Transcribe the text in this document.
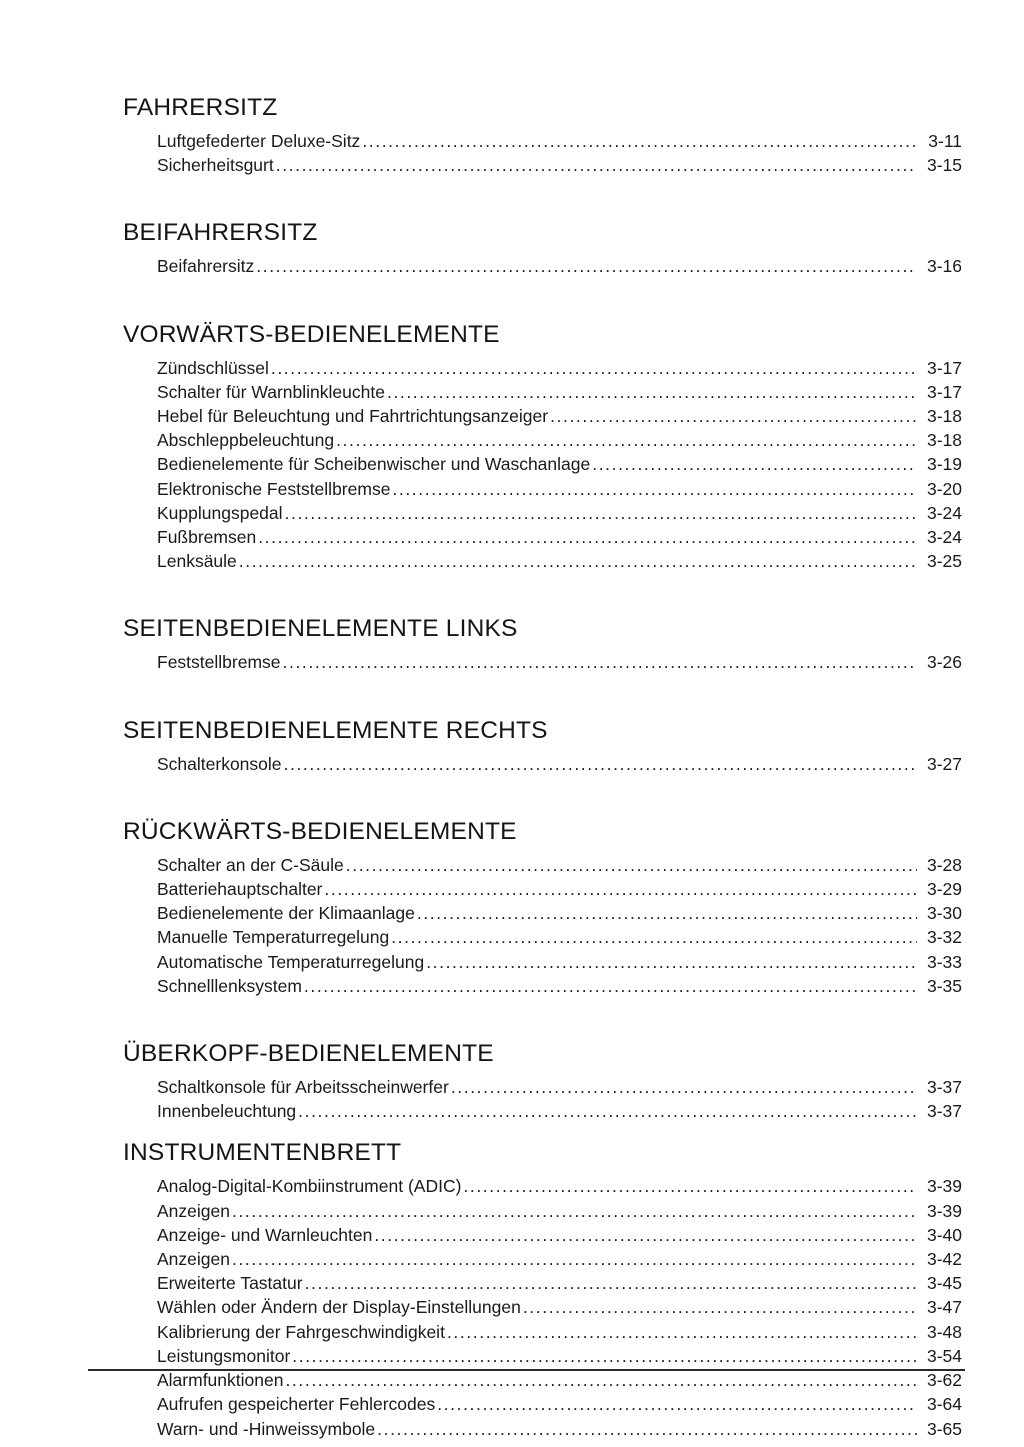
FAHRERSITZ
Luftgefederter Deluxe-Sitz .....	3-11
Sicherheitsgurt .....	3-15
BEIFAHRERSITZ
Beifahrersitz .....	3-16
VORWÄRTS-BEDIENELEMENTE
Zündschlüssel .....	3-17
Schalter für Warnblinkleuchte .....	3-17
Hebel für Beleuchtung und Fahrtrichtungsanzeiger .....	3-18
Abschleppbeleuchtung .....	3-18
Bedienelemente für Scheibenwischer und Waschanlage .....	3-19
Elektronische Feststellbremse .....	3-20
Kupplungspedal .....	3-24
Fußbremsen .....	3-24
Lenksäule .....	3-25
SEITENBEDIENELEMENTE LINKS
Feststellbremse .....	3-26
SEITENBEDIENELEMENTE RECHTS
Schalterkonsole .....	3-27
RÜCKWÄRTS-BEDIENELEMENTE
Schalter an der C-Säule .....	3-28
Batteriehauptschalter .....	3-29
Bedienelemente der Klimaanlage .....	3-30
Manuelle Temperaturregelung .....	3-32
Automatische Temperaturregelung .....	3-33
Schnelllenksystem .....	3-35
ÜBERKOPF-BEDIENELEMENTE
Schaltkonsole für Arbeitsscheinwerfer .....	3-37
Innenbeleuchtung .....	3-37
INSTRUMENTENBRETT
Analog-Digital-Kombiinstrument (ADIC) .....	3-39
Anzeigen .....	3-39
Anzeige- und Warnleuchten .....	3-40
Anzeigen .....	3-42
Erweiterte Tastatur .....	3-45
Wählen oder Ändern der Display-Einstellungen .....	3-47
Kalibrierung der Fahrgeschwindigkeit .....	3-48
Leistungsmonitor .....	3-54
Alarmfunktionen .....	3-62
Aufrufen gespeicherter Fehlercodes .....	3-64
Warn- und -Hinweissymbole .....	3-65
